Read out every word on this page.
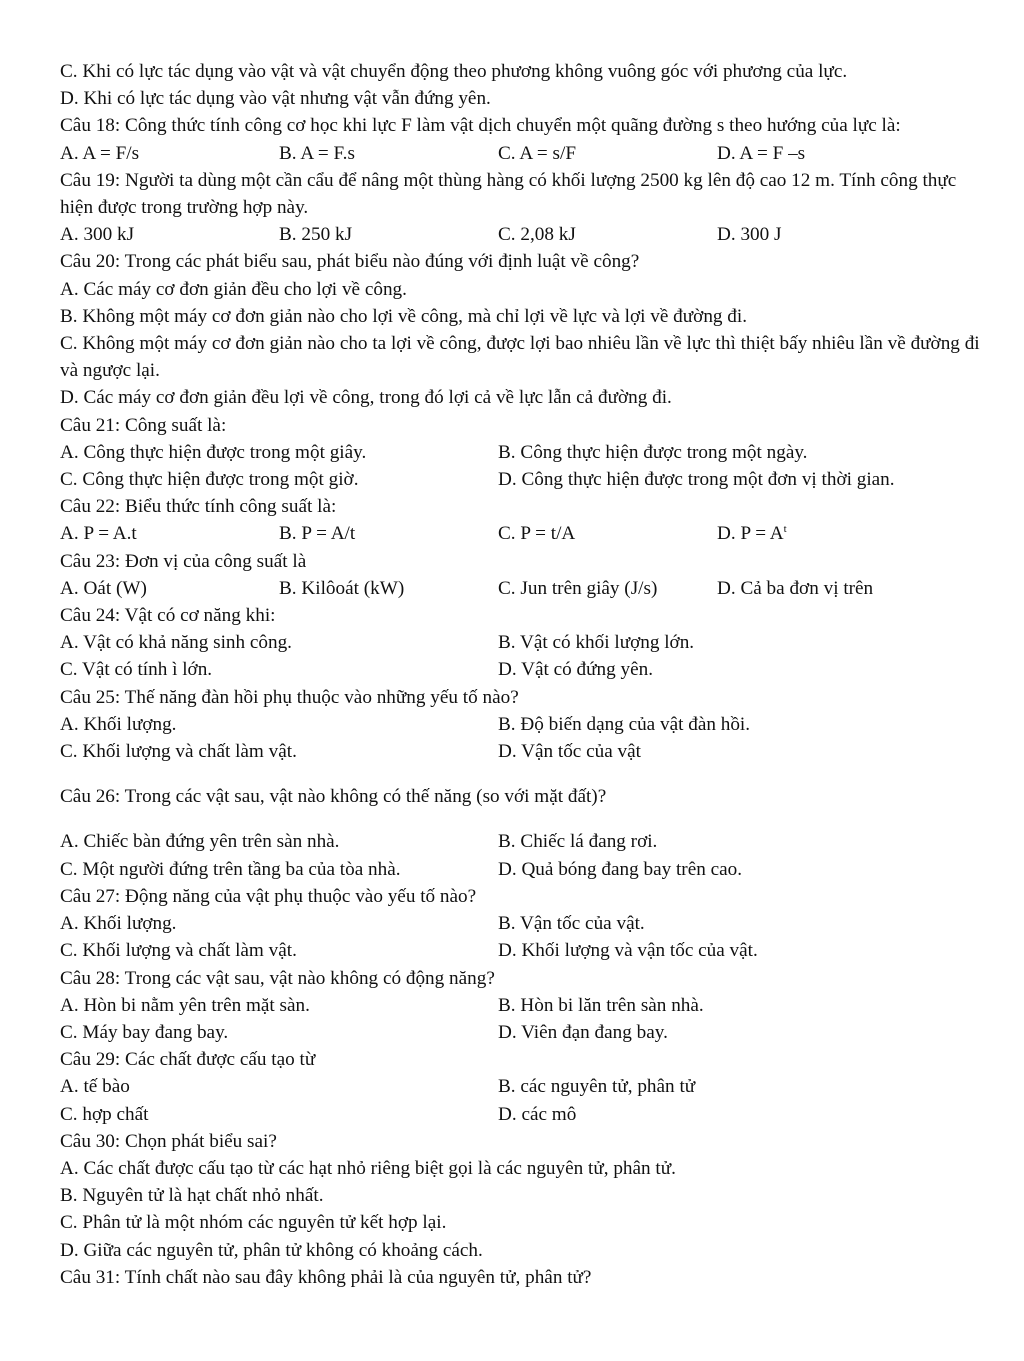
C. Khi có lực tác dụng vào vật và vật chuyển động theo phương không vuông góc với phương của lực.

D. Khi có lực tác dụng vào vật nhưng vật vẫn đứng yên.

Câu 18: Công thức tính công cơ học khi lực F làm vật dịch chuyển một quãng đường s theo hướng của lực là:

A. A = F/s	B. A = F.s	C. A = s/F	D. A = F –s

Câu 19: Người ta dùng một cần cẩu để nâng một thùng hàng có khối lượng 2500 kg lên độ cao 12 m. Tính công thực hiện được trong trường hợp này.

A. 300 kJ	B. 250 kJ	C. 2,08 kJ	D. 300 J

Câu 20: Trong các phát biểu sau, phát biểu nào đúng với định luật về công?

A. Các máy cơ đơn giản đều cho lợi về công.

B. Không một máy cơ đơn giản nào cho lợi về công, mà chỉ lợi về lực và lợi về đường đi.

C. Không một máy cơ đơn giản nào cho ta lợi về công, được lợi bao nhiêu lần về lực thì thiệt bấy nhiêu lần về đường đi và ngược lại.

D. Các máy cơ đơn giản đều lợi về công, trong đó lợi cả về lực lẫn cả đường đi.

Câu 21: Công suất là:

A. Công thực hiện được trong một giây.	B. Công thực hiện được trong một ngày.
C. Công thực hiện được trong một giờ.	D. Công thực hiện được trong một đơn vị thời gian.

Câu 22: Biểu thức tính công suất là:

A. P = A.t	B. P = A/t	C. P = t/A	D. $P = A^t$

Câu 23: Đơn vị của công suất là

A. Oát (W)	B. Kilôoát (kW)	C. Jun trên giây (J/s)	D. Cả ba đơn vị trên

Câu 24: Vật có cơ năng khi:

A. Vật có khả năng sinh công.	B. Vật có khối lượng lớn.
C. Vật có tính ì lớn.	D. Vật có đứng yên.

Câu 25: Thế năng đàn hồi phụ thuộc vào những yếu tố nào?

A. Khối lượng.	B. Độ biến dạng của vật đàn hồi.
C. Khối lượng và chất làm vật.	D. Vận tốc của vật

Câu 26: Trong các vật sau, vật nào không có thế năng (so với mặt đất)?

A. Chiếc bàn đứng yên trên sàn nhà.	B. Chiếc lá đang rơi.
C. Một người đứng trên tầng ba của tòa nhà.	D. Quả bóng đang bay trên cao.

Câu 27: Động năng của vật phụ thuộc vào yếu tố nào?

A. Khối lượng.	B. Vận tốc của vật.
C. Khối lượng và chất làm vật.	D. Khối lượng và vận tốc của vật.

Câu 28: Trong các vật sau, vật nào không có động năng?

A. Hòn bi nằm yên trên mặt sàn.	B. Hòn bi lăn trên sàn nhà.
C. Máy bay đang bay.	D. Viên đạn đang bay.

Câu 29: Các chất được cấu tạo từ

A. tế bào	B. các nguyên tử, phân tử
C. hợp chất	D. các mô

Câu 30: Chọn phát biểu sai?

A. Các chất được cấu tạo từ các hạt nhỏ riêng biệt gọi là các nguyên tử, phân tử.

B. Nguyên tử là hạt chất nhỏ nhất.

C. Phân tử là một nhóm các nguyên tử kết hợp lại.

D. Giữa các nguyên tử, phân tử không có khoảng cách.

Câu 31: Tính chất nào sau đây không phải là của nguyên tử, phân tử?
